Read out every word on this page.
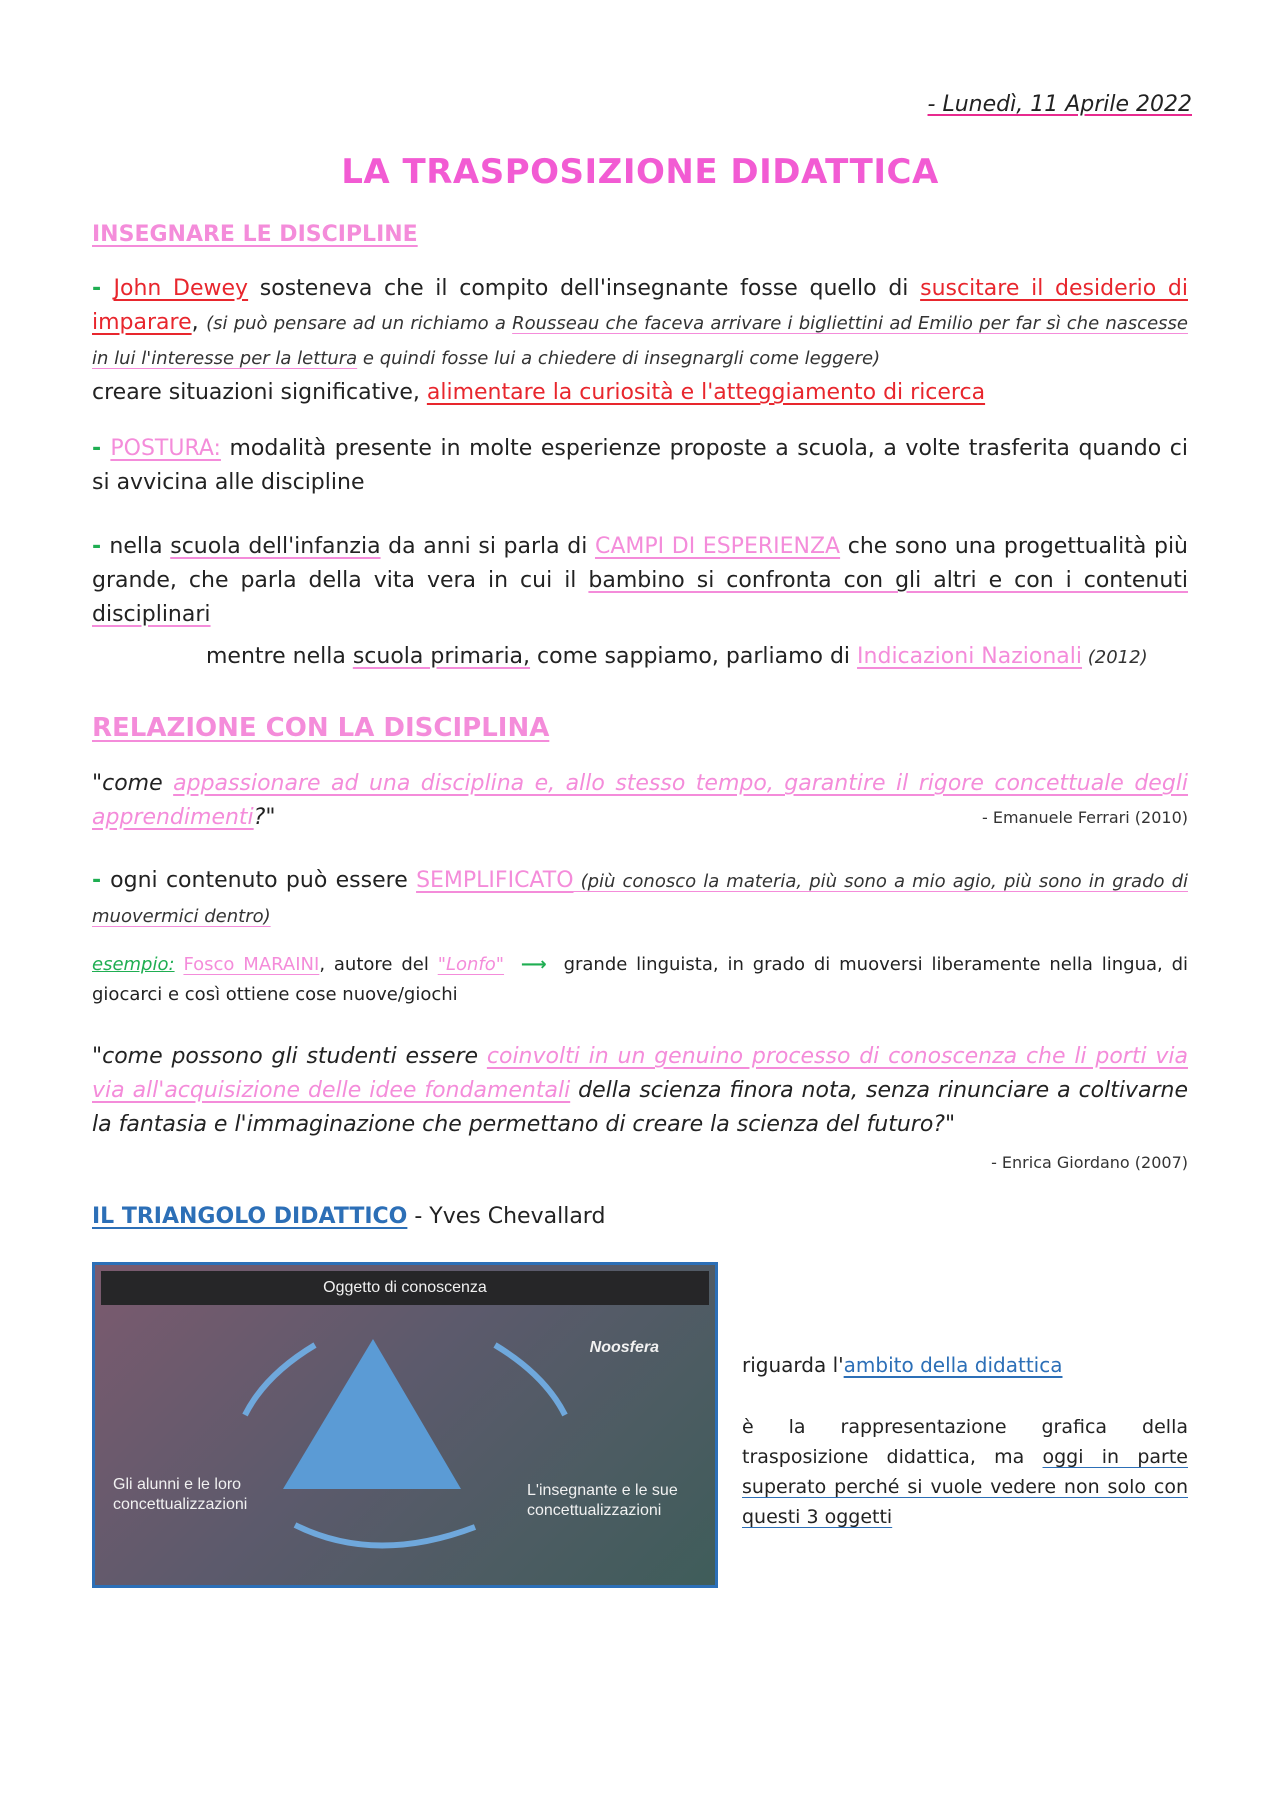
- Lunedì, 11 Aprile 2022
LA TRASPOSIZIONE DIDATTICA
INSEGNARE LE DISCIPLINE
- John Dewey sosteneva che il compito dell'insegnante fosse quello di suscitare il desiderio di imparare, (si può pensare ad un richiamo a Rousseau che faceva arrivare i bigliettini ad Emilio per far sì che nascesse in lui l'interesse per la lettura e quindi fosse lui a chiedere di insegnargli come leggere)
creare situazioni significative, alimentare la curiosità e l'atteggiamento di ricerca
- POSTURA: modalità presente in molte esperienze proposte a scuola, a volte trasferita quando ci si avvicina alle discipline
- nella scuola dell'infanzia da anni si parla di CAMPI DI ESPERIENZA che sono una progettualità più grande, che parla della vita vera in cui il bambino si confronta con gli altri e con i contenuti disciplinari
mentre nella scuola primaria, come sappiamo, parliamo di Indicazioni Nazionali (2012)
RELAZIONE CON LA DISCIPLINA
"come appassionare ad una disciplina e, allo stesso tempo, garantire il rigore concettuale degli apprendimenti?"	- Emanuele Ferrari (2010)
- ogni contenuto può essere SEMPLIFICATO (più conosco la materia, più sono a mio agio, più sono in grado di muovermici dentro)
esempio: Fosco MARAINI, autore del "Lonfo" ⟶ grande linguista, in grado di muoversi liberamente nella lingua, di giocarci e così ottiene cose nuove/giochi
"come possono gli studenti essere coinvolti in un genuino processo di conoscenza che li porti via via all'acquisizione delle idee fondamentali della scienza finora nota, senza rinunciare a coltivarne la fantasia e l'immaginazione che permettano di creare la scienza del futuro?"
- Enrica Giordano (2007)
IL TRIANGOLO DIDATTICO - Yves Chevallard
Oggetto di conoscenza
Noosfera
Gli alunni e le loro concettualizzazioni
L'insegnante e le sue concettualizzazioni
riguarda l'ambito della didattica
è la rappresentazione grafica della trasposizione didattica, ma oggi in parte superato perché si vuole vedere non solo con questi 3 oggetti
